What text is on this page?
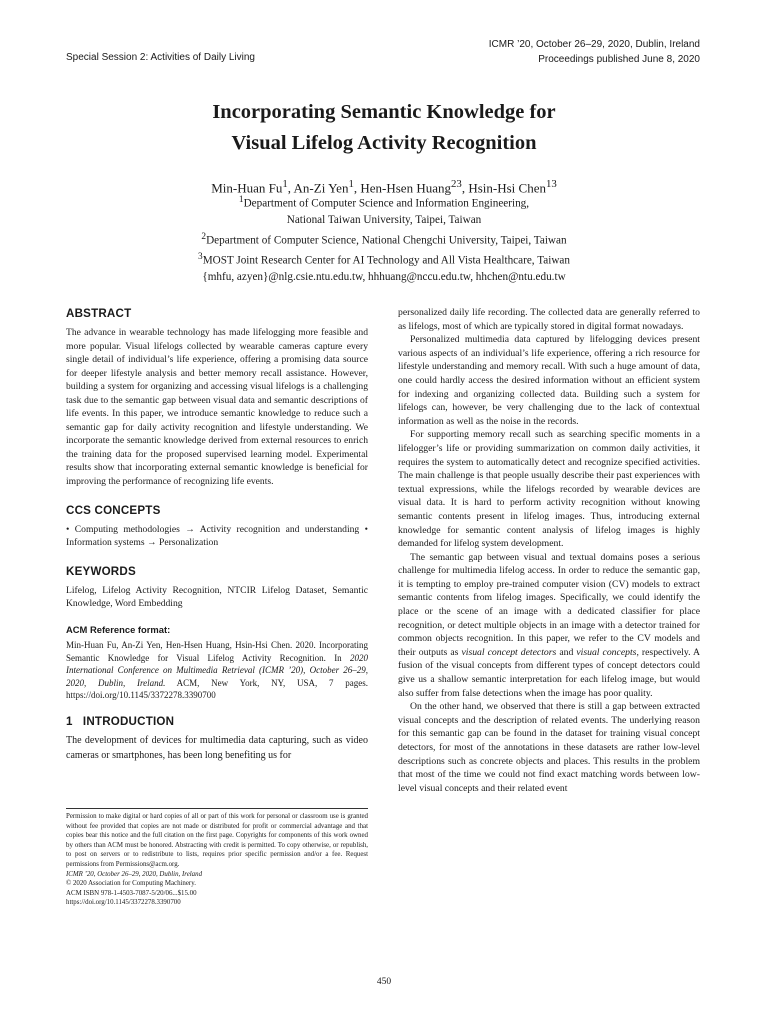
Special Session 2: Activities of Daily Living
ICMR ’20, October 26–29, 2020, Dublin, Ireland
Proceedings published June 8, 2020
Incorporating Semantic Knowledge for
Visual Lifelog Activity Recognition
Min-Huan Fu$^1$, An-Zi Yen$^1$, Hen-Hsen Huang$^{23}$, Hsin-Hsi Chen$^{13}$
$^1$Department of Computer Science and Information Engineering,
National Taiwan University, Taipei, Taiwan
$^2$Department of Computer Science, National Chengchi University, Taipei, Taiwan
$^3$MOST Joint Research Center for AI Technology and All Vista Healthcare, Taiwan
{mhfu, azyen}@nlg.csie.ntu.edu.tw, hhhuang@nccu.edu.tw, hhchen@ntu.edu.tw
ABSTRACT

The advance in wearable technology has made lifelogging more feasible and more popular. Visual lifelogs collected by wearable cameras capture every single detail of individual’s life experience, offering a promising data source for deeper lifestyle analysis and better memory recall assistance. However, building a system for organizing and accessing visual lifelogs is a challenging task due to the semantic gap between visual data and semantic descriptions of life events. In this paper, we introduce semantic knowledge to reduce such a semantic gap for daily activity recognition and lifestyle understanding. We incorporate the semantic knowledge derived from external resources to enrich the training data for the proposed supervised learning model. Experimental results show that incorporating external semantic knowledge is beneficial for improving the performance of recognizing life events.

CCS CONCEPTS

• Computing methodologies → Activity recognition and understanding • Information systems → Personalization

KEYWORDS

Lifelog, Lifelog Activity Recognition, NTCIR Lifelog Dataset, Semantic Knowledge, Word Embedding

ACM Reference format:

Min-Huan Fu, An-Zi Yen, Hen-Hsen Huang, Hsin-Hsi Chen. 2020. Incorporating Semantic Knowledge for Visual Lifelog Activity Recognition. In 2020 International Conference on Multimedia Retrieval (ICMR ’20), October 26–29, 2020, Dublin, Ireland. ACM, New York, NY, USA, 7 pages. https://doi.org/10.1145/3372278.3390700

1 INTRODUCTION

The development of devices for multimedia data capturing, such as video cameras or smartphones, has been long benefiting us for

Permission to make digital or hard copies of all or part of this work for personal or classroom use is granted without fee provided that copies are not made or distributed for profit or commercial advantage and that copies bear this notice and the full citation on the first page. Copyrights for components of this work owned by others than ACM must be honored. Abstracting with credit is permitted. To copy otherwise, or republish, to post on servers or to redistribute to lists, requires prior specific permission and/or a fee. Request permissions from Permissions@acm.org.

ICMR ’20, October 26–29, 2020, Dublin, Ireland
© 2020 Association for Computing Machinery.
ACM ISBN 978-1-4503-7087-5/20/06...$15.00
https://doi.org/10.1145/3372278.3390700

personalized daily life recording. The collected data are generally referred to as lifelogs, most of which are typically stored in digital format nowadays.

Personalized multimedia data captured by lifelogging devices present various aspects of an individual’s life experience, offering a rich resource for lifestyle understanding and memory recall. With such a huge amount of data, one could hardly access the desired information without an efficient system for indexing and organizing collected data. Building such a system for lifelogs can, however, be very challenging due to the lack of contextual information as well as the noise in the records.

For supporting memory recall such as searching specific moments in a lifelogger’s life or providing summarization on common daily activities, it requires the system to automatically detect and recognize specified activities. The main challenge is that people usually describe their past experiences with textual expressions, while the lifelogs recorded by wearable devices are visual data. It is hard to perform activity recognition without knowing semantic contents present in lifelog images. Thus, introducing external knowledge for semantic content analysis of lifelog images is highly demanded for lifelog system development.

The semantic gap between visual and textual domains poses a serious challenge for multimedia lifelog access. In order to reduce the semantic gap, it is tempting to employ pre-trained computer vision (CV) models to extract semantic contents from lifelog images. Specifically, we could identify the place or the scene of an image with a dedicated classifier for place recognition, or detect multiple objects in an image with a detector trained for common objects recognition. In this paper, we refer to the CV models and their outputs as visual concept detectors and visual concepts, respectively. A fusion of the visual concepts from different types of concept detectors could give us a shallow semantic interpretation for each lifelog image, but would also suffer from false detections when the image has poor quality.

On the other hand, we observed that there is still a gap between extracted visual concepts and the description of related events. The underlying reason for this semantic gap can be found in the dataset for training visual concept detectors, for most of the annotations in these datasets are rather low-level descriptions such as concrete objects and places. This results in the problem that most of the time we could not find exact matching words between low-level visual concepts and their related event

450
